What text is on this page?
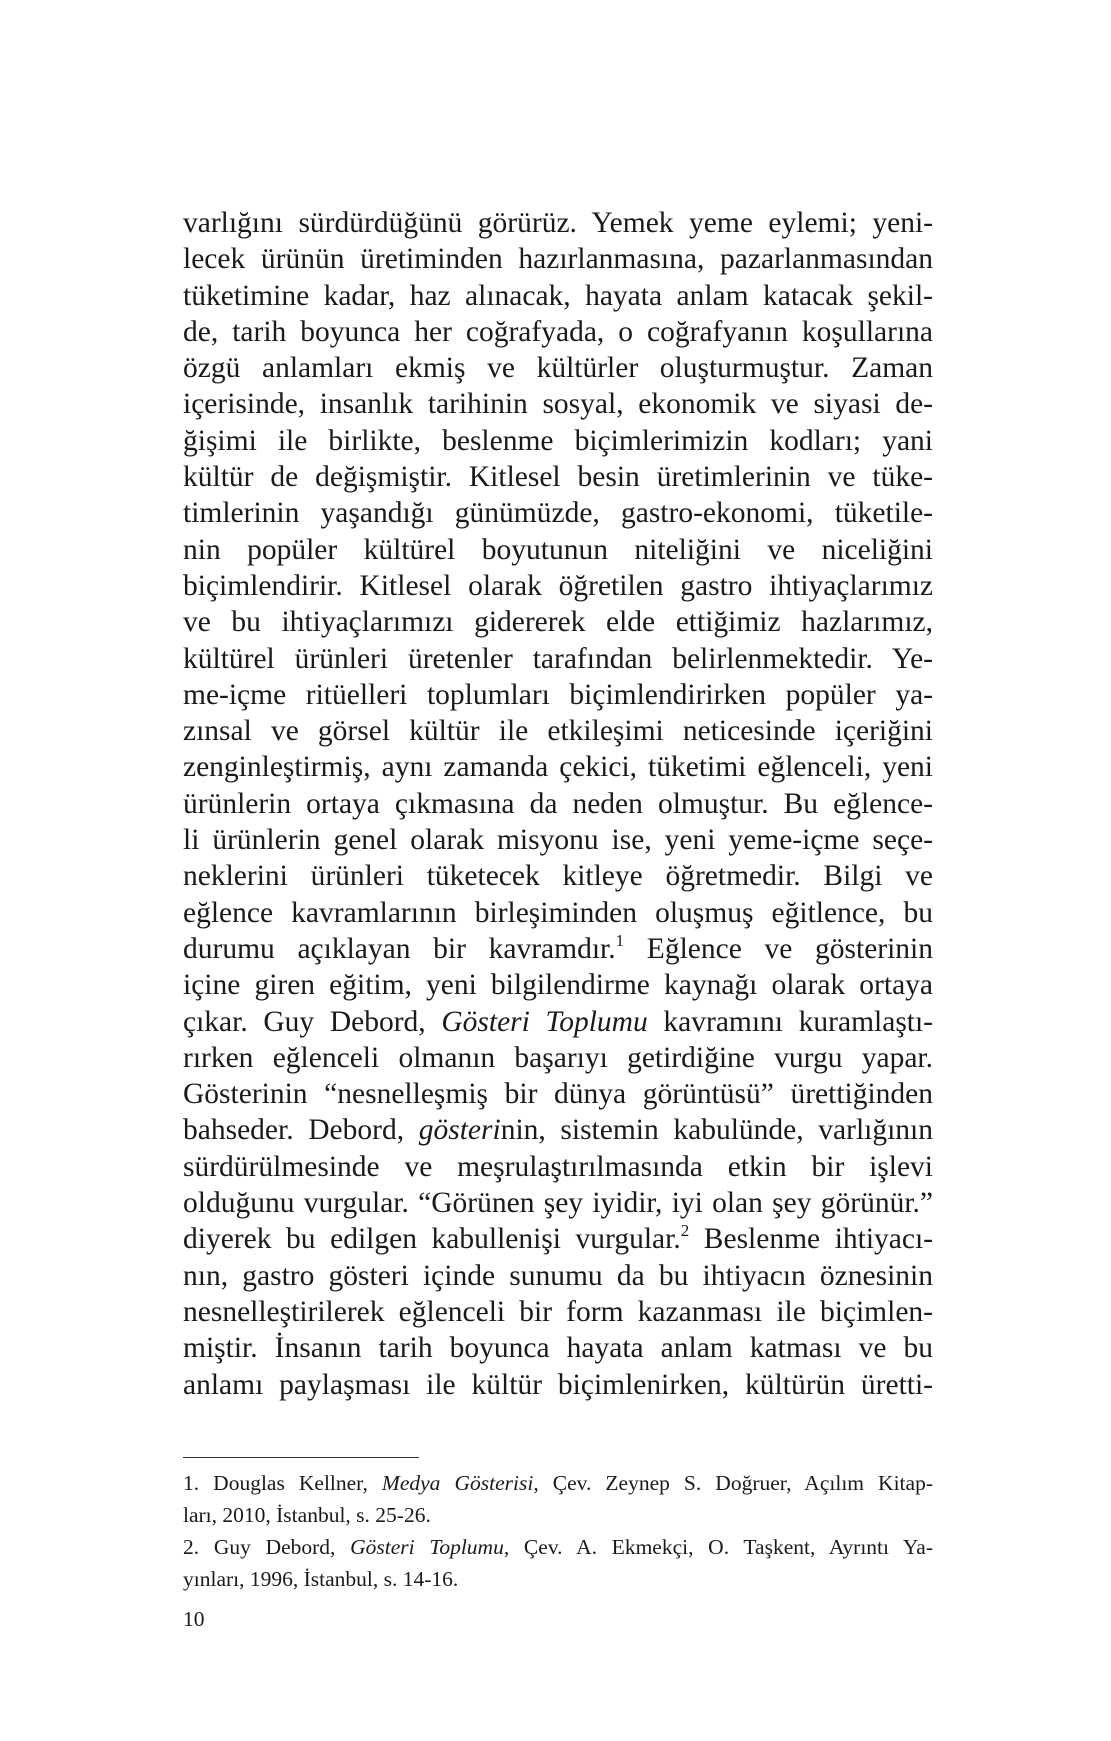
varlığını sürdürdüğünü görürüz. Yemek yeme eylemi; yeni-
lecek ürünün üretiminden hazırlanmasına, pazarlanmasından
tüketimine kadar, haz alınacak, hayata anlam katacak şekil-
de, tarih boyunca her coğrafyada, o coğrafyanın koşullarına
özgü anlamları ekmiş ve kültürler oluşturmuştur. Zaman
içerisinde, insanlık tarihinin sosyal, ekonomik ve siyasi de-
ğişimi ile birlikte, beslenme biçimlerimizin kodları; yani
kültür de değişmiştir. Kitlesel besin üretimlerinin ve tüke-
timlerinin yaşandığı günümüzde, gastro-ekonomi, tüketile-
nin popüler kültürel boyutunun niteliğini ve niceliğini
biçimlendirir. Kitlesel olarak öğretilen gastro ihtiyaçlarımız
ve bu ihtiyaçlarımızı gidererek elde ettiğimiz hazlarımız,
kültürel ürünleri üretenler tarafından belirlenmektedir. Ye-
me-içme ritüelleri toplumları biçimlendirirken popüler ya-
zınsal ve görsel kültür ile etkileşimi neticesinde içeriğini
zenginleştirmiş, aynı zamanda çekici, tüketimi eğlenceli, yeni
ürünlerin ortaya çıkmasına da neden olmuştur. Bu eğlence-
li ürünlerin genel olarak misyonu ise, yeni yeme-içme seçe-
neklerini ürünleri tüketecek kitleye öğretmedir. Bilgi ve
eğlence kavramlarının birleşiminden oluşmuş eğitlence, bu
durumu açıklayan bir kavramdır.$^1$ Eğlence ve gösterinin
içine giren eğitim, yeni bilgilendirme kaynağı olarak ortaya
çıkar. Guy Debord, Gösteri Toplumu kavramını kuramlaştı-
rırken eğlenceli olmanın başarıyı getirdiğine vurgu yapar.
Gösterinin “nesnelleşmiş bir dünya görüntüsü” ürettiğinden
bahseder. Debord, gösterinin, sistemin kabulünde, varlığının
sürdürülmesinde ve meşrulaştırılmasında etkin bir işlevi
olduğunu vurgular. “Görünen şey iyidir, iyi olan şey görünür.”
diyerek bu edilgen kabullenişi vurgular.$^2$ Beslenme ihtiyacı-
nın, gastro gösteri içinde sunumu da bu ihtiyacın öznesinin
nesnelleştirilerek eğlenceli bir form kazanması ile biçimlen-
miştir. İnsanın tarih boyunca hayata anlam katması ve bu
anlamı paylaşması ile kültür biçimlenirken, kültürün üretti-
1. Douglas Kellner, Medya Gösterisi, Çev. Zeynep S. Doğruer, Açılım Kitap-
ları, 2010, İstanbul, s. 25-26.
2. Guy Debord, Gösteri Toplumu, Çev. A. Ekmekçi, O. Taşkent, Ayrıntı Ya-
yınları, 1996, İstanbul, s. 14-16.
10
